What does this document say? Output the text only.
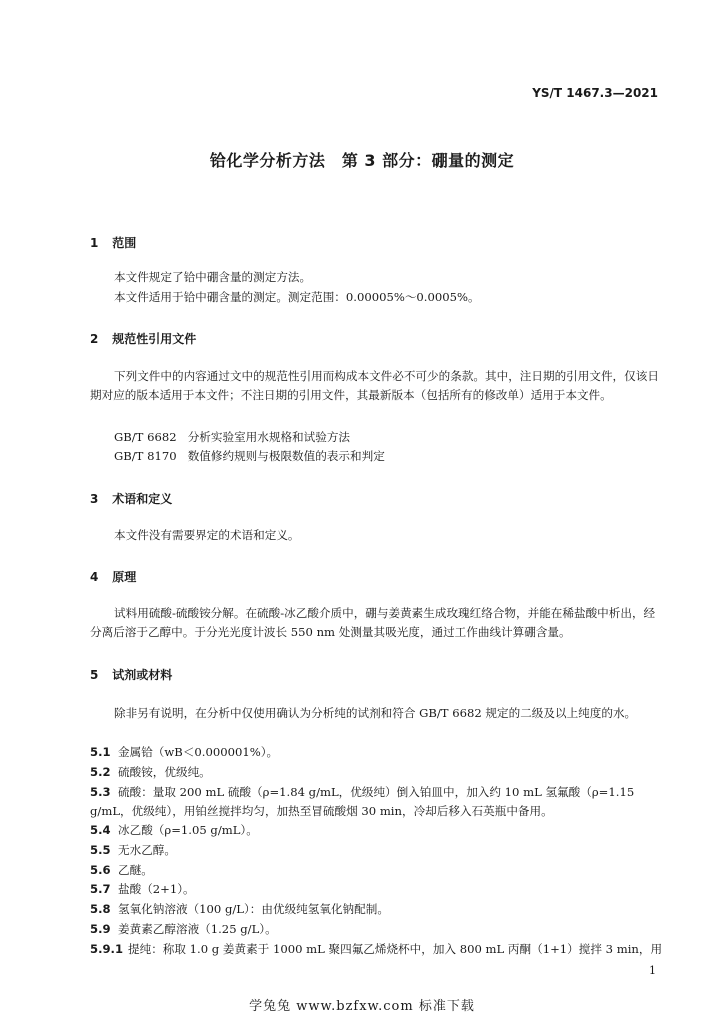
YS/T 1467.3—2021
铪化学分析方法　第 3 部分：硼量的测定
1 范围
本文件规定了铪中硼含量的测定方法。
本文件适用于铪中硼含量的测定。测定范围：0.00005%～0.0005%。
2 规范性引用文件
下列文件中的内容通过文中的规范性引用而构成本文件必不可少的条款。其中，注日期的引用文件，仅该日期对应的版本适用于本文件；不注日期的引用文件，其最新版本（包括所有的修改单）适用于本文件。
GB/T 6682 分析实验室用水规格和试验方法
GB/T 8170 数值修约规则与极限数值的表示和判定
3 术语和定义
本文件没有需要界定的术语和定义。
4 原理
试料用硫酸-硫酸铵分解。在硫酸-冰乙酸介质中，硼与姜黄素生成玫瑰红络合物，并能在稀盐酸中析出，经分离后溶于乙醇中。于分光光度计波长 550 nm 处测量其吸光度，通过工作曲线计算硼含量。
5 试剂或材料
除非另有说明，在分析中仅使用确认为分析纯的试剂和符合 GB/T 6682 规定的二级及以上纯度的水。
5.1 金属铪（wB＜0.000001%）。
5.2 硫酸铵，优级纯。
5.3 硫酸：量取 200 mL 硫酸（ρ=1.84 g/mL，优级纯）倒入铂皿中，加入约 10 mL 氢氟酸（ρ=1.15 g/mL，优级纯），用铂丝搅拌均匀，加热至冒硫酸烟 30 min，冷却后移入石英瓶中备用。
5.4 冰乙酸（ρ=1.05 g/mL）。
5.5 无水乙醇。
5.6 乙醚。
5.7 盐酸（2+1）。
5.8 氢氧化钠溶液（100 g/L）：由优级纯氢氧化钠配制。
5.9 姜黄素乙醇溶液（1.25 g/L）。
5.9.1 提纯：称取 1.0 g 姜黄素于 1000 mL 聚四氟乙烯烧杯中，加入 800 mL 丙酮（1+1）搅拌 3 min，用
1
学兔兔 www.bzfxw.com 标准下载
